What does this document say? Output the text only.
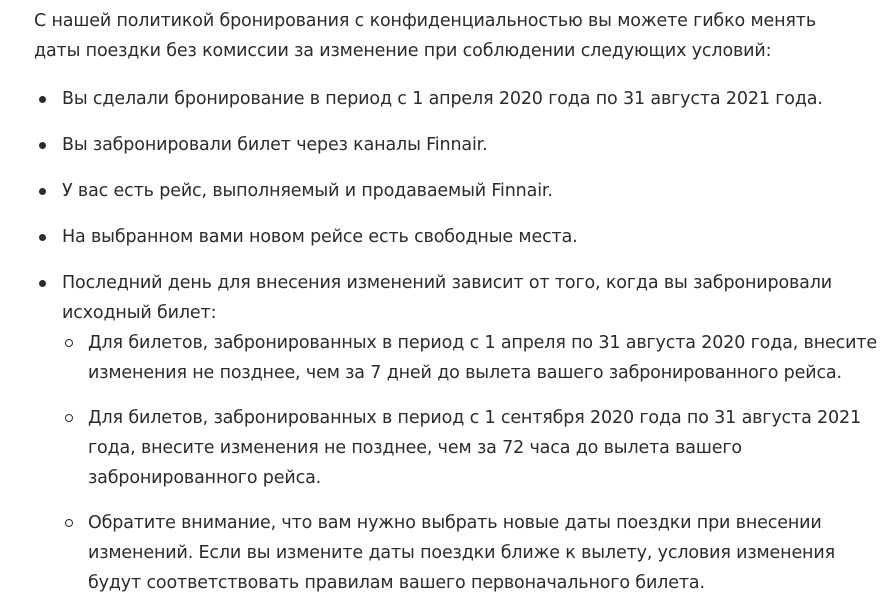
С нашей политикой бронирования с конфиденциальностью вы можете гибко менять даты поездки без комиссии за изменение при соблюдении следующих условий:

Вы сделали бронирование в период с 1 апреля 2020 года по 31 августа 2021 года.
Вы забронировали билет через каналы Finnair.
У вас есть рейс, выполняемый и продаваемый Finnair.
На выбранном вами новом рейсе есть свободные места.
Последний день для внесения изменений зависит от того, когда вы забронировали исходный билет:
Для билетов, забронированных в период с 1 апреля по 31 августа 2020 года, внесите изменения не позднее, чем за 7 дней до вылета вашего забронированного рейса.
Для билетов, забронированных в период с 1 сентября 2020 года по 31 августа 2021 года, внесите изменения не позднее, чем за 72 часа до вылета вашего забронированного рейса.
Обратите внимание, что вам нужно выбрать новые даты поездки при внесении изменений. Если вы измените даты поездки ближе к вылету, условия изменения будут соответствовать правилам вашего первоначального билета.
